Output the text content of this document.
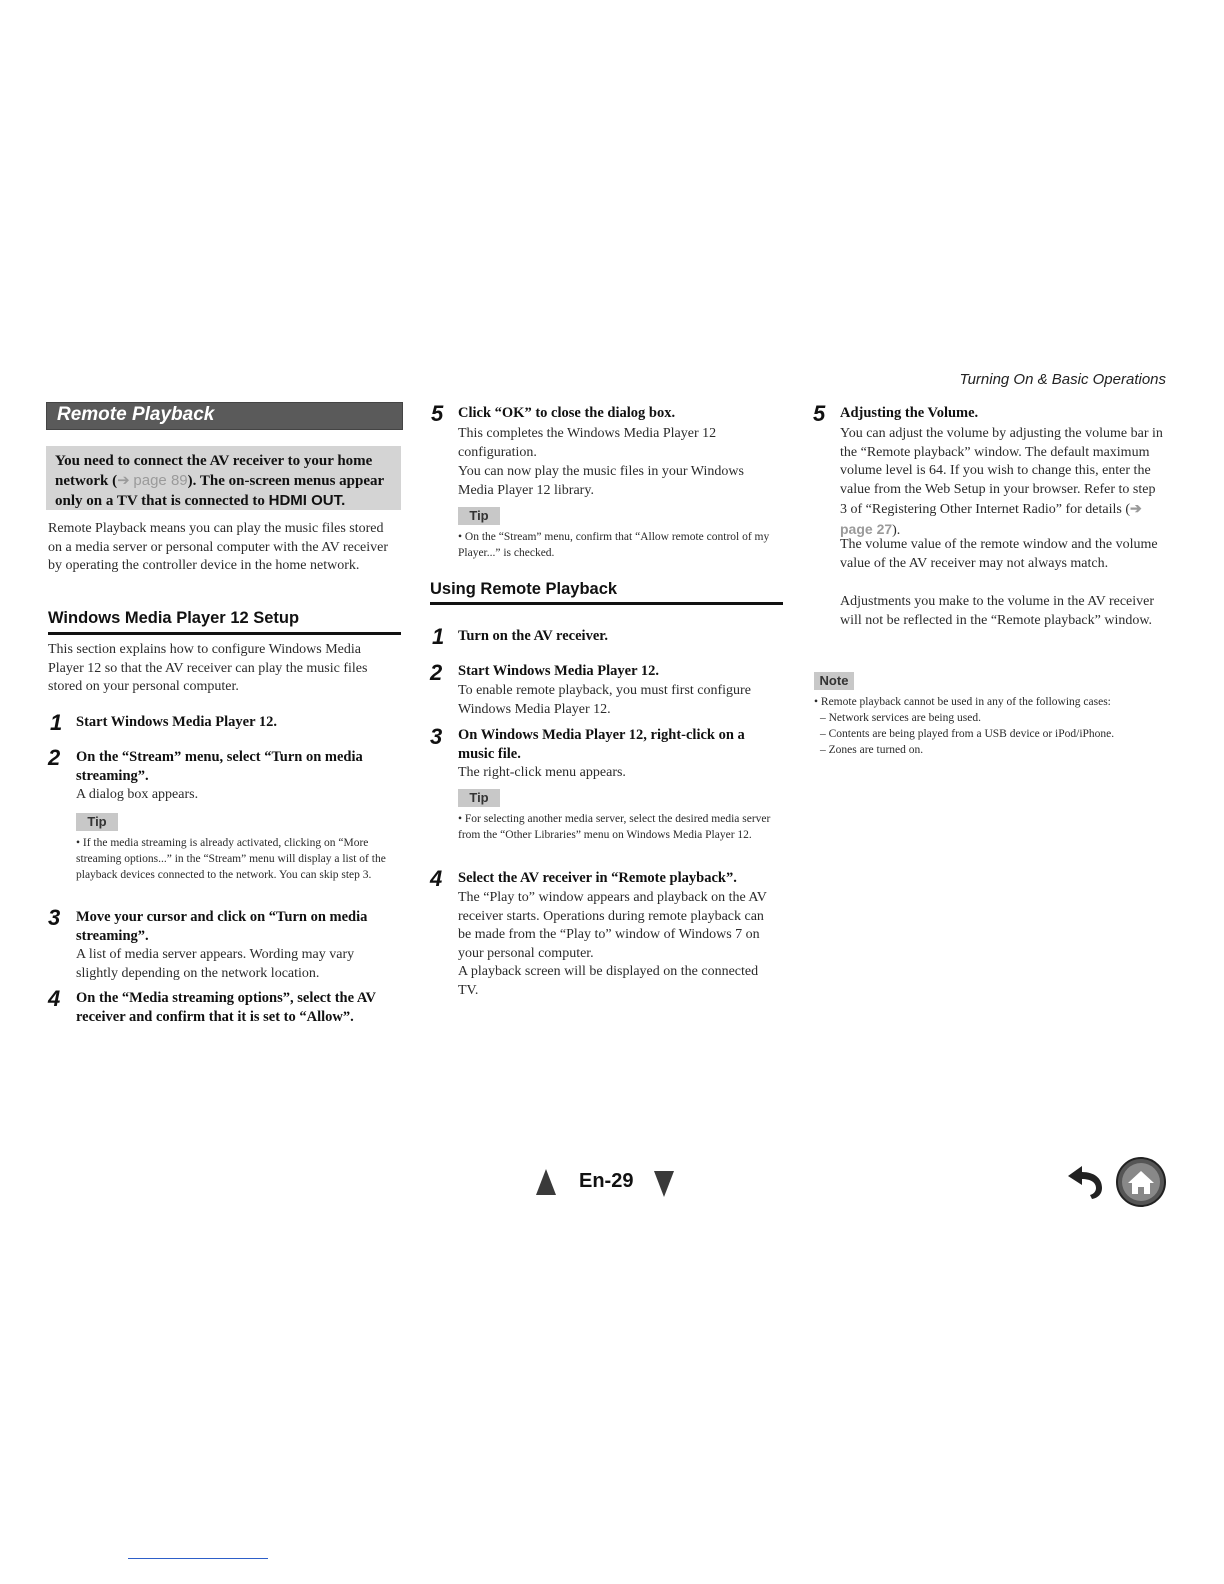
Turning On & Basic Operations
Remote Playback

You need to connect the AV receiver to your home network (➔ page 89). The on-screen menus appear only on a TV that is connected to HDMI OUT.

Remote Playback means you can play the music files stored on a media server or personal computer with the AV receiver by operating the controller device in the home network.

Windows Media Player 12 Setup

This section explains how to configure Windows Media Player 12 so that the AV receiver can play the music files stored on your personal computer.

1 Start Windows Media Player 12.

2 On the “Stream” menu, select “Turn on media streaming”.

A dialog box appears.

Tip

• If the media streaming is already activated, clicking on “More streaming options...” in the “Stream” menu will display a list of the playback devices connected to the network. You can skip step 3.

3 Move your cursor and click on “Turn on media streaming”.

A list of media server appears. Wording may vary slightly depending on the network location.

4 On the “Media streaming options”, select the AV receiver and confirm that it is set to “Allow”.

5 Click “OK” to close the dialog box.

This completes the Windows Media Player 12 configuration.

You can now play the music files in your Windows Media Player 12 library.

Tip

• On the “Stream” menu, confirm that “Allow remote control of my Player...” is checked.

Using Remote Playback
1 Turn on the AV receiver.

2 Start Windows Media Player 12.

To enable remote playback, you must first configure Windows Media Player 12.

3 On Windows Media Player 12, right-click on a music file.

The right-click menu appears.

Tip

• For selecting another media server, select the desired media server from the “Other Libraries” menu on Windows Media Player 12.

4 Select the AV receiver in “Remote playback”.

The “Play to” window appears and playback on the AV receiver starts. Operations during remote playback can be made from the “Play to” window of Windows 7 on your personal computer.

A playback screen will be displayed on the connected TV.

5 Adjusting the Volume.

You can adjust the volume by adjusting the volume bar in the “Remote playback” window. The default maximum volume level is 64. If you wish to change this, enter the value from the Web Setup in your browser. Refer to step 3 of “Registering Other Internet Radio” for details (➔ page 27).

The volume value of the remote window and the volume value of the AV receiver may not always match.

Adjustments you make to the volume in the AV receiver will not be reflected in the “Remote playback” window.

Note

• Remote playback cannot be used in any of the following cases:

– Network services are being used.

– Contents are being played from a USB device or iPod/iPhone.

– Zones are turned on.

En-29
